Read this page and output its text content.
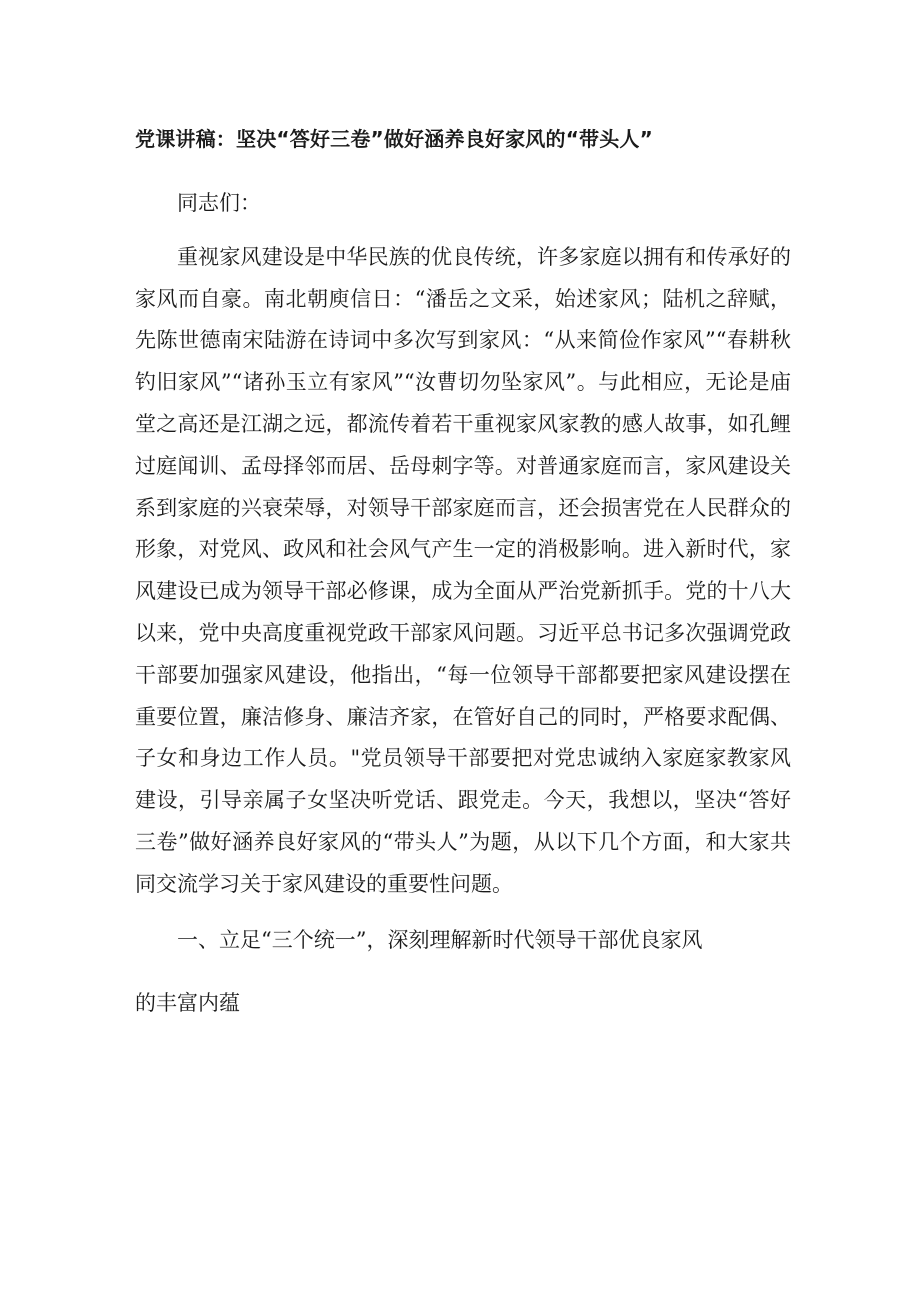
党课讲稿：坚决“答好三卷”做好涵养良好家风的“带头人”

同志们：

重视家风建设是中华民族的优良传统，许多家庭以拥有和传承好的家风而自豪。南北朝庾信日：“潘岳之文采，始述家风；陆机之辞赋，先陈世德南宋陆游在诗词中多次写到家风：“从来简俭作家风”“春耕秋钓旧家风”“诸孙玉立有家风”“汝曹切勿坠家风”。与此相应，无论是庙堂之高还是江湖之远，都流传着若干重视家风家教的感人故事，如孔鲤过庭闻训、孟母择邻而居、岳母刺字等。对普通家庭而言，家风建设关系到家庭的兴衰荣辱，对领导干部家庭而言，还会损害党在人民群众的形象，对党风、政风和社会风气产生一定的消极影响。进入新时代，家风建设已成为领导干部必修课，成为全面从严治党新抓手。党的十八大以来，党中央高度重视党政干部家风问题。习近平总书记多次强调党政干部要加强家风建设，他指出，“每一位领导干部都要把家风建设摆在重要位置，廉洁修身、廉洁齐家，在管好自己的同时，严格要求配偶、子女和身边工作人员。"党员领导干部要把对党忠诚纳入家庭家教家风建设，引导亲属子女坚决听党话、跟党走。今天，我想以，坚决“答好三卷”做好涵养良好家风的“带头人”为题，从以下几个方面，和大家共同交流学习关于家风建设的重要性问题。

一、立足“三个统一”，深刻理解新时代领导干部优良家风

的丰富内蕴
